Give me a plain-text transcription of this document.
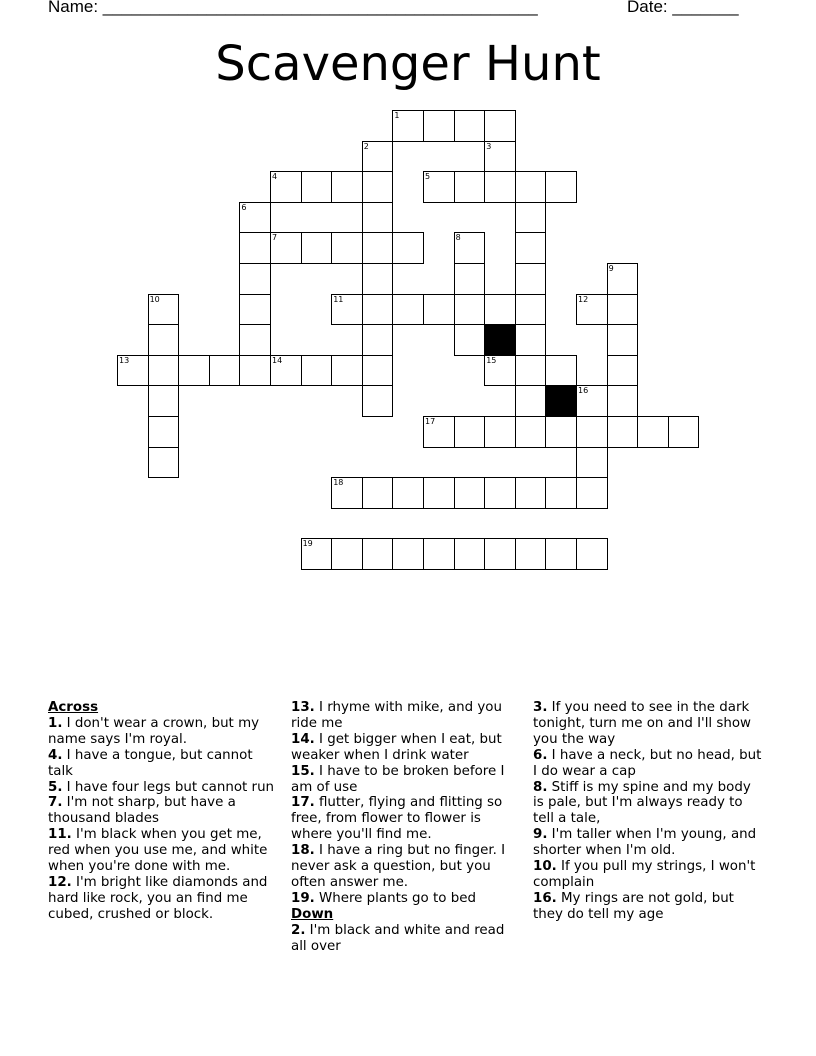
Name: ______________________________________________	Date: _______
Scavenger Hunt
1
2	3
4	5
6
7	8
9
10	11	12
13	14	15
16
17
18
19
Across
1. I don't wear a crown, but my name says I'm royal.
4. I have a tongue, but cannot talk
5. I have four legs but cannot run
7. I'm not sharp, but have a thousand blades
11. I'm black when you get me, red when you use me, and white when you're done with me.
12. I'm bright like diamonds and hard like rock, you an find me cubed, crushed or block.
13. I rhyme with mike, and you ride me
14. I get bigger when I eat, but weaker when I drink water
15. I have to be broken before I am of use
17. flutter, flying and flitting so free, from flower to flower is where you'll find me.
18. I have a ring but no finger. I never ask a question, but you often answer me.
19. Where plants go to bed
Down
2. I'm black and white and read all over
3. If you need to see in the dark tonight, turn me on and I'll show you the way
6. I have a neck, but no head, but I do wear a cap
8. Stiff is my spine and my body is pale, but I'm always ready to tell a tale,
9. I'm taller when I'm young, and shorter when I'm old.
10. If you pull my strings, I won't complain
16. My rings are not gold, but they do tell my age
